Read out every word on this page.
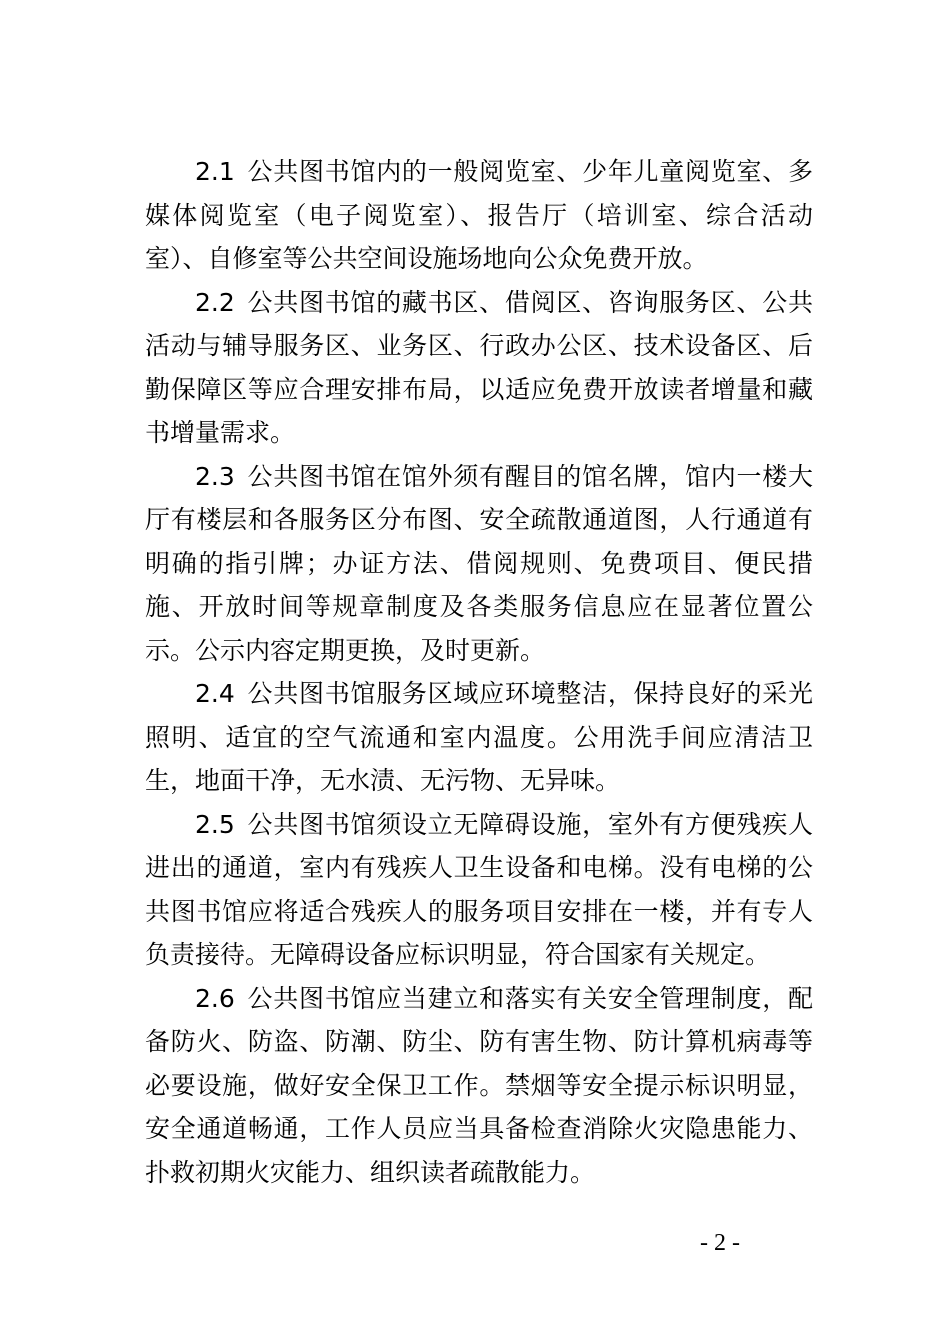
2.1 公共图书馆内的一般阅览室、少年儿童阅览室、多媒体阅览室（电子阅览室）、报告厅（培训室、综合活动室）、自修室等公共空间设施场地向公众免费开放。

2.2 公共图书馆的藏书区、借阅区、咨询服务区、公共活动与辅导服务区、业务区、行政办公区、技术设备区、后勤保障区等应合理安排布局，以适应免费开放读者增量和藏书增量需求。

2.3 公共图书馆在馆外须有醒目的馆名牌，馆内一楼大厅有楼层和各服务区分布图、安全疏散通道图，人行通道有明确的指引牌；办证方法、借阅规则、免费项目、便民措施、开放时间等规章制度及各类服务信息应在显著位置公示。公示内容定期更换，及时更新。

2.4 公共图书馆服务区域应环境整洁，保持良好的采光照明、适宜的空气流通和室内温度。公用洗手间应清洁卫生，地面干净，无水渍、无污物、无异味。

2.5 公共图书馆须设立无障碍设施，室外有方便残疾人进出的通道，室内有残疾人卫生设备和电梯。没有电梯的公共图书馆应将适合残疾人的服务项目安排在一楼，并有专人负责接待。无障碍设备应标识明显，符合国家有关规定。

2.6 公共图书馆应当建立和落实有关安全管理制度，配备防火、防盗、防潮、防尘、防有害生物、防计算机病毒等必要设施，做好安全保卫工作。禁烟等安全提示标识明显，安全通道畅通，工作人员应当具备检查消除火灾隐患能力、扑救初期火灾能力、组织读者疏散能力。

- 2 -
